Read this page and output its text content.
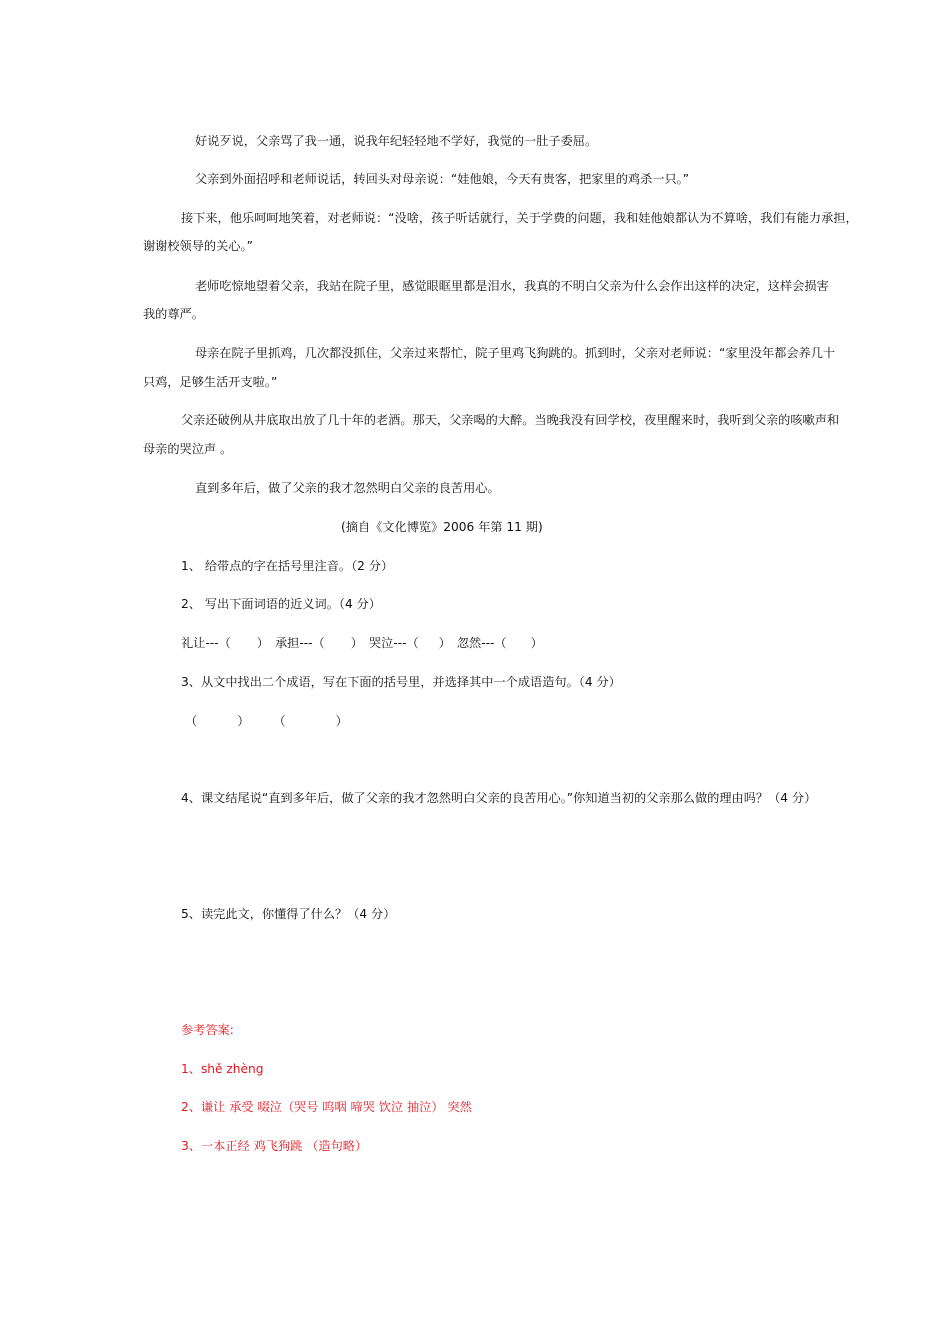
好说歹说，父亲骂了我一通，说我年纪轻轻地不学好，我觉的一肚子委屈。
父亲到外面招呼和老师说话，转回头对母亲说：“娃他娘，今天有贵客，把家里的鸡杀一只。”
接下来，他乐呵呵地笑着，对老师说：“没啥，孩子听话就行，关于学费的问题，我和娃他娘都认为不算啥，我们有能力承担，
谢谢校领导的关心。”
老师吃惊地望着父亲，我站在院子里，感觉眼眶里都是泪水，我真的不明白父亲为什么会作出这样的决定，这样会损害
我的尊严。
母亲在院子里抓鸡，几次都没抓住，父亲过来帮忙，院子里鸡飞狗跳的。抓到时，父亲对老师说：“家里没年都会养几十
只鸡，足够生活开支啦。”
父亲还破例从井底取出放了几十年的老酒。那天，父亲喝的大醉。当晚我没有回学校，夜里醒来时，我听到父亲的咳嗽声和
母亲的哭泣声 。
直到多年后，做了父亲的我才忽然明白父亲的良苦用心。
(摘自《文化博览》2006 年第 11 期)
1、 给带点的字在括号里注音。（2 分）
2、 写出下面词语的近义词。（4 分）
礼让---（ ） 承担---（ ） 哭泣---（ ） 忽然---（ ）
3、从文中找出二个成语，写在下面的括号里，并选择其中一个成语造句。（4 分）
（	） （	）
4、课文结尾说“直到多年后，做了父亲的我才忽然明白父亲的良苦用心。”你知道当初的父亲那么做的理由吗？（4 分）
5、读完此文，你懂得了什么？（4 分）
参考答案:
1、shě zhèng
2、谦让 承受 啜泣（哭号 呜咽 啼哭 饮泣 抽泣） 突然
3、一本正经 鸡飞狗跳 （造句略）
